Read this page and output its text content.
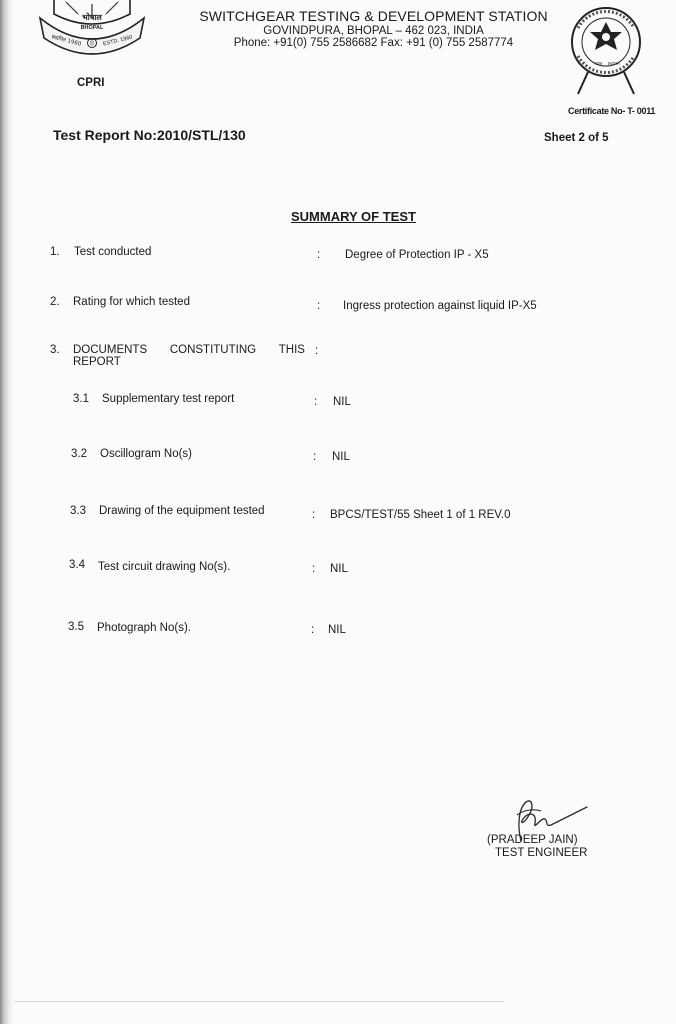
भोपाल
BHOPAL
स्थापित 1960 © ESTD. 1960
SWITCHGEAR TESTING & DEVELOPMENT STATION
GOVINDPURA, BHOPAL – 462 023, INDIA
Phone: +91(0) 755 2586682 Fax: +91 (0) 755 2587774
भारत INDIA
CPRI
Certificate No- T- 0011
Test Report No:2010/STL/130	Sheet 2 of 5
SUMMARY OF TEST
1. Test conducted	: Degree of Protection IP - X5
2. Rating for which tested	: Ingress protection against liquid IP-X5
3. DOCUMENTS CONSTITUTING THIS
REPORT
:
3.1 Supplementary test report	: NIL
3.2 Oscillogram No(s)	: NIL
3.3 Drawing of the equipment tested	: BPCS/TEST/55 Sheet 1 of 1 REV.0
3.4 Test circuit drawing No(s).	: NIL
3.5 Photograph No(s).	: NIL
(PRADEEP JAIN)
TEST ENGINEER
